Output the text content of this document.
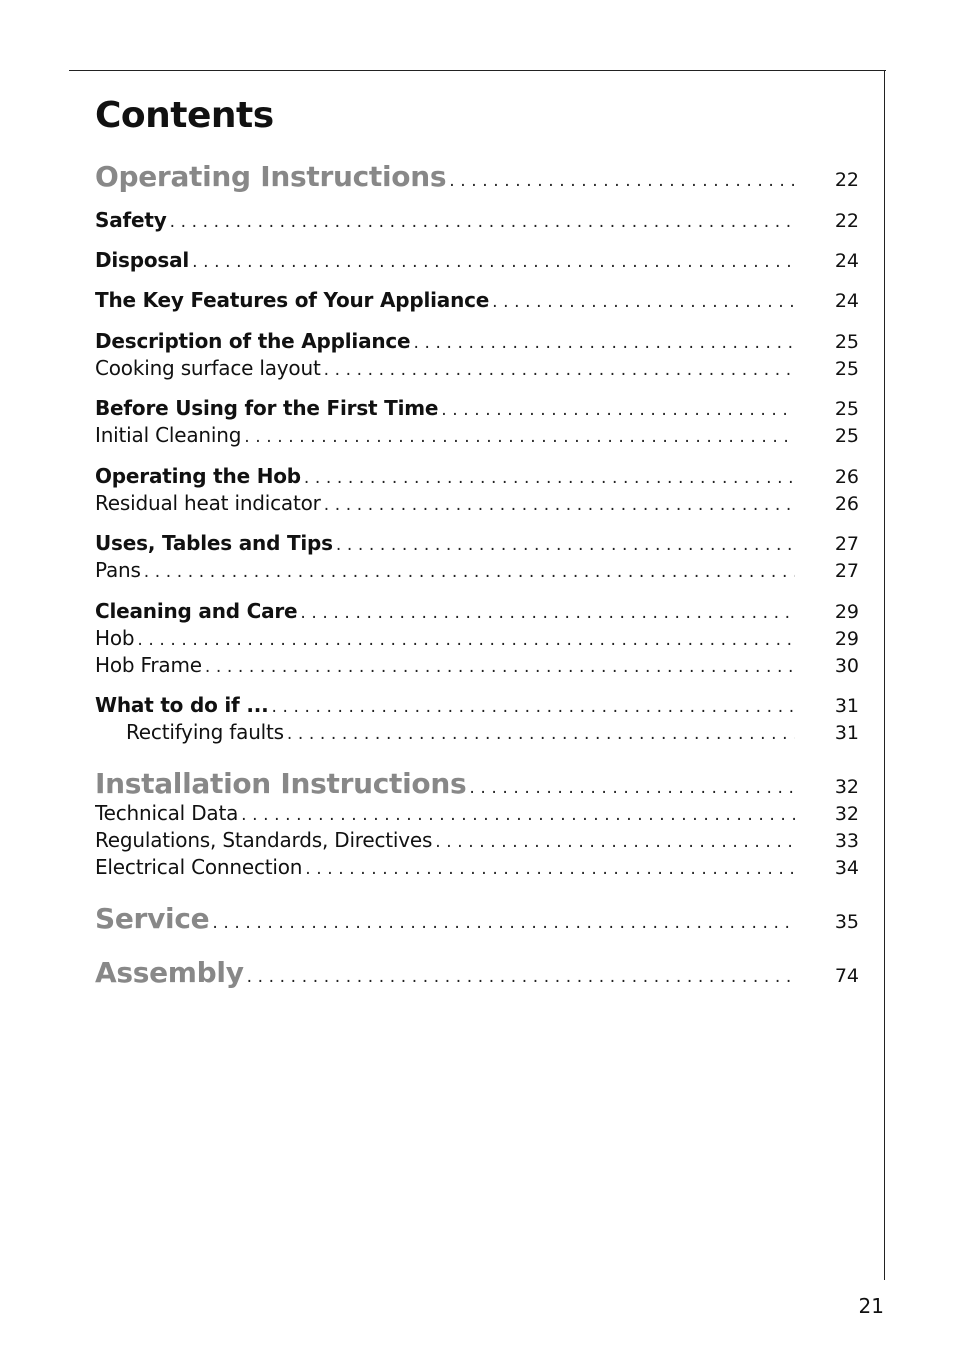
Contents
Operating Instructions .....	22
Safety .....	22
Disposal .....	24
The Key Features of Your Appliance .....	24
Description of the Appliance .....	25
Cooking surface layout .....	25
Before Using for the First Time .....	25
Initial Cleaning .....	25
Operating the Hob .....	26
Residual heat indicator .....	26
Uses, Tables and Tips .....	27
Pans .....	27
Cleaning and Care .....	29
Hob .....	29
Hob Frame .....	30
What to do if ... .....	31
Rectifying faults .....	31
Installation Instructions .....	32
Technical Data .....	32
Regulations, Standards, Directives .....	33
Electrical Connection .....	34
Service .....	35
Assembly .....	74
21
